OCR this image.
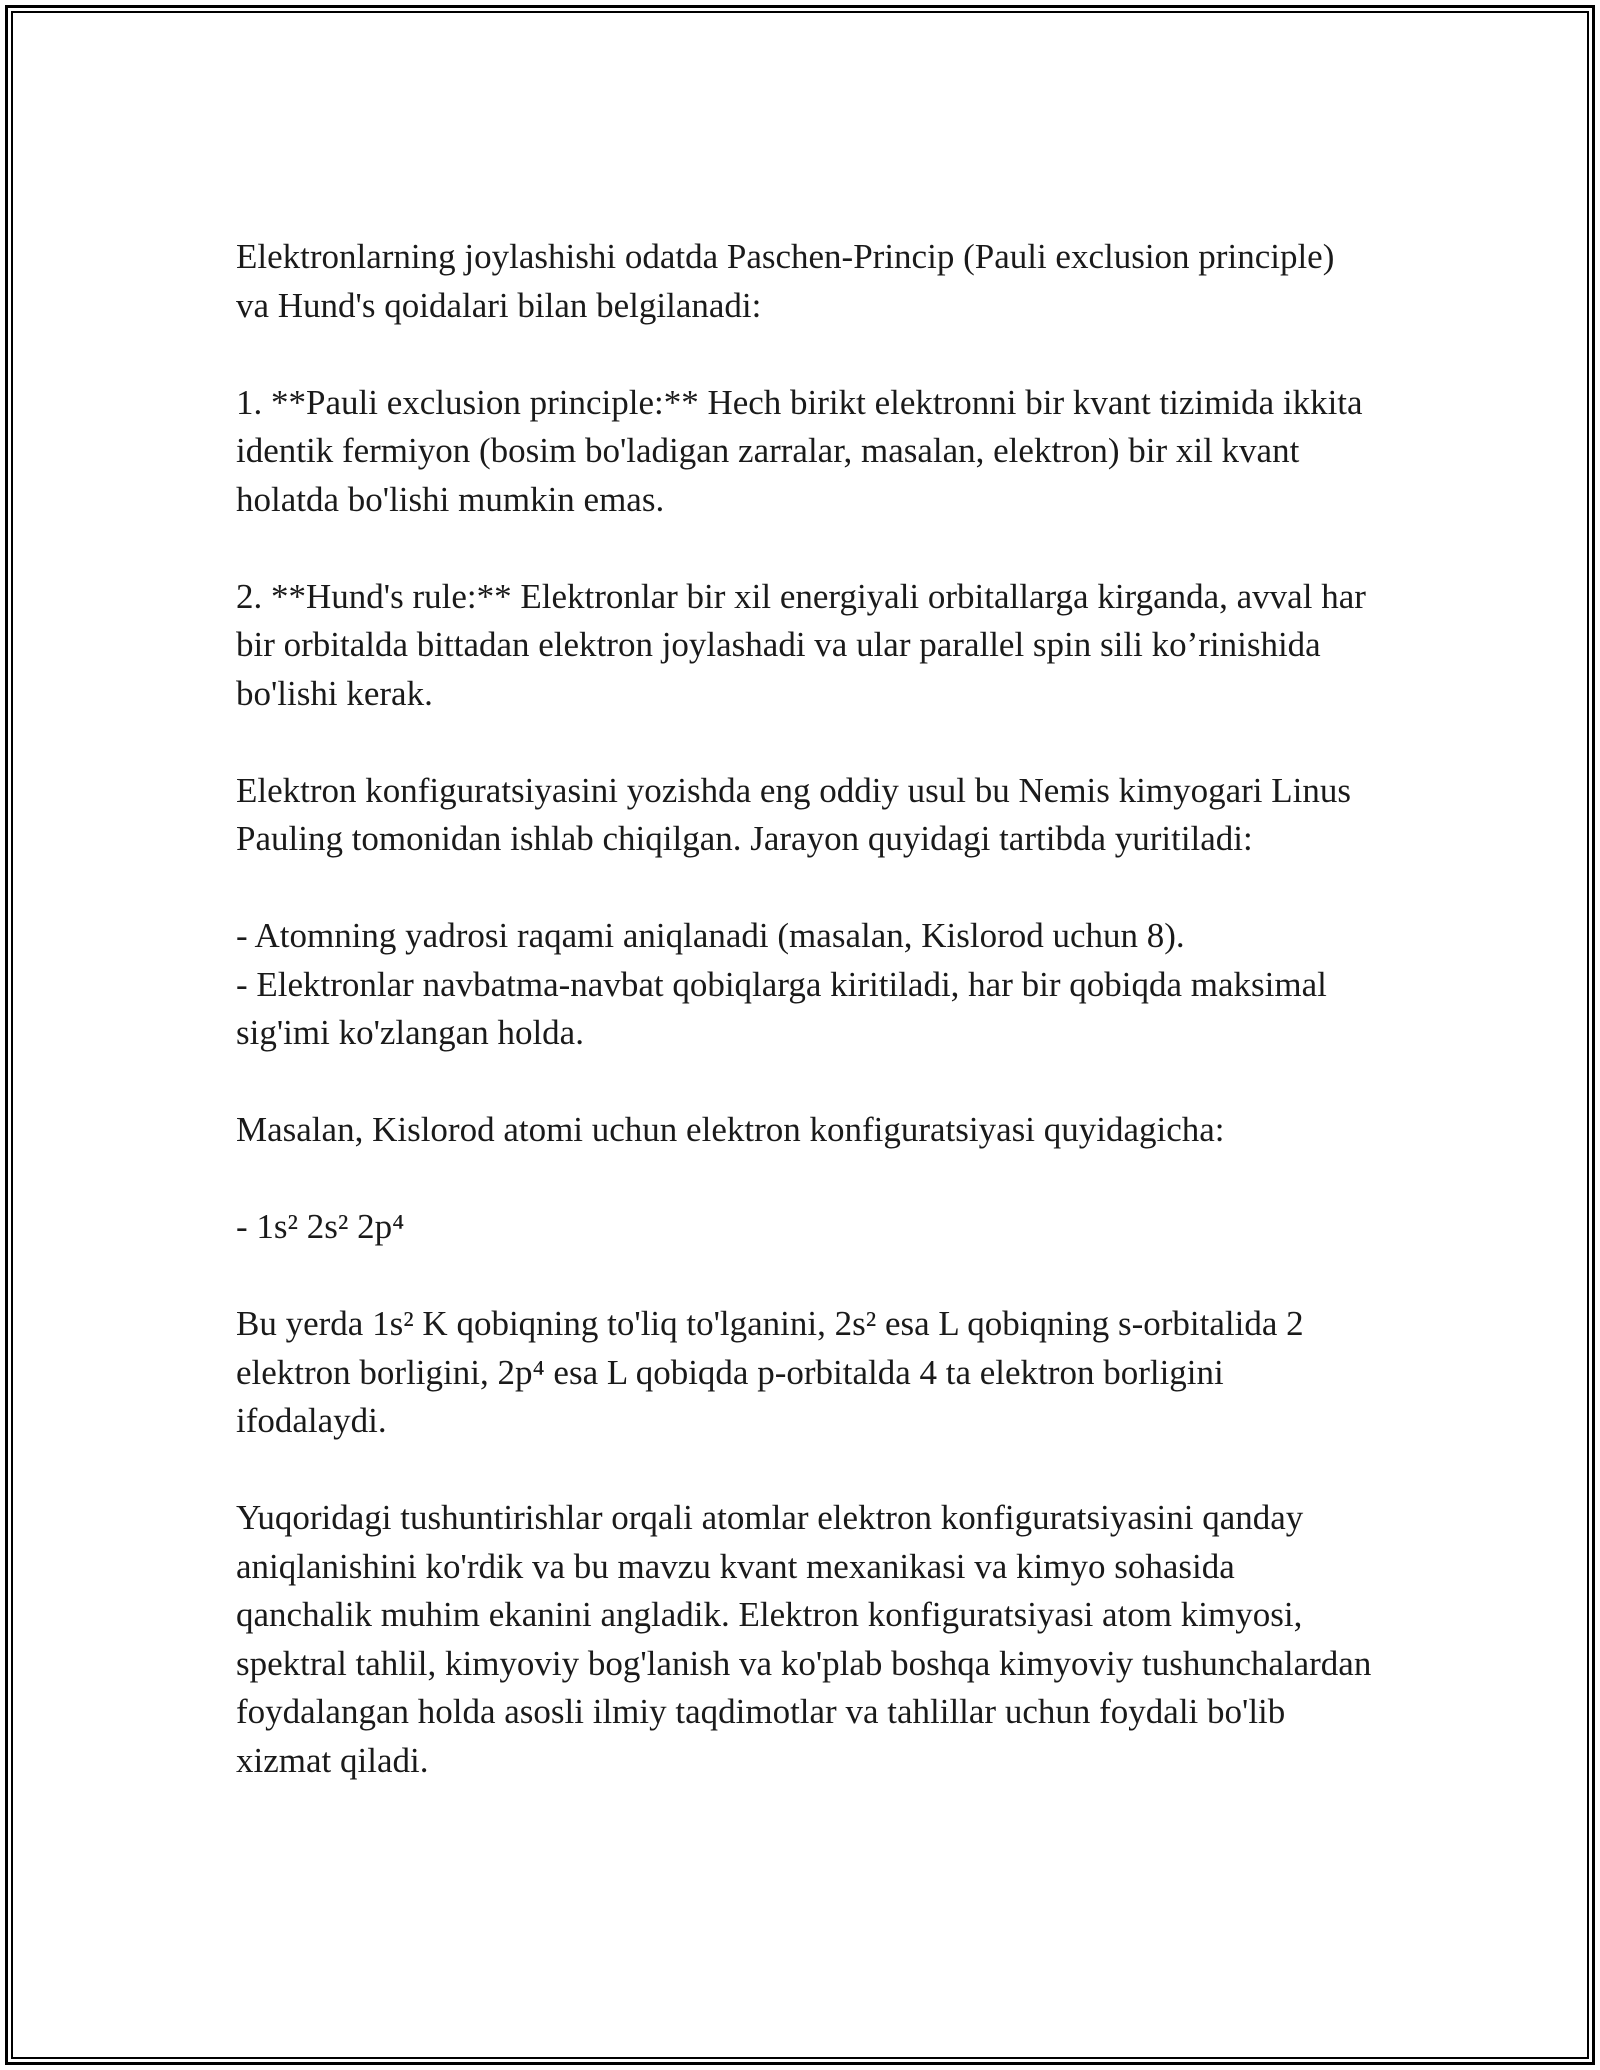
Elektronlarning joylashishi odatda Paschen-Princip (Pauli exclusion principle) va Hund's qoidalari bilan belgilanadi:

1. **Pauli exclusion principle:** Hech birikt elektronni bir kvant tizimida ikkita identik fermiyon (bosim bo'ladigan zarralar, masalan, elektron) bir xil kvant holatda bo'lishi mumkin emas.

2. **Hund's rule:** Elektronlar bir xil energiyali orbitallarga kirganda, avval har bir orbitalda bittadan elektron joylashadi va ular parallel spin sili ko’rinishida bo'lishi kerak.

Elektron konfiguratsiyasini yozishda eng oddiy usul bu Nemis kimyogari Linus Pauling tomonidan ishlab chiqilgan. Jarayon quyidagi tartibda yuritiladi:

- Atomning yadrosi raqami aniqlanadi (masalan, Kislorod uchun 8).

- Elektronlar navbatma-navbat qobiqlarga kiritiladi, har bir qobiqda maksimal sig'imi ko'zlangan holda.

Masalan, Kislorod atomi uchun elektron konfiguratsiyasi quyidagicha:

- 1s² 2s² 2p⁴

Bu yerda 1s² K qobiqning to'liq to'lganini, 2s² esa L qobiqning s-orbitalida 2 elektron borligini, 2p⁴ esa L qobiqda p-orbitalda 4 ta elektron borligini ifodalaydi.

Yuqoridagi tushuntirishlar orqali atomlar elektron konfiguratsiyasini qanday aniqlanishini ko'rdik va bu mavzu kvant mexanikasi va kimyo sohasida qanchalik muhim ekanini angladik. Elektron konfiguratsiyasi atom kimyosi, spektral tahlil, kimyoviy bog'lanish va ko'plab boshqa kimyoviy tushunchalardan foydalangan holda asosli ilmiy taqdimotlar va tahlillar uchun foydali bo'lib xizmat qiladi.
